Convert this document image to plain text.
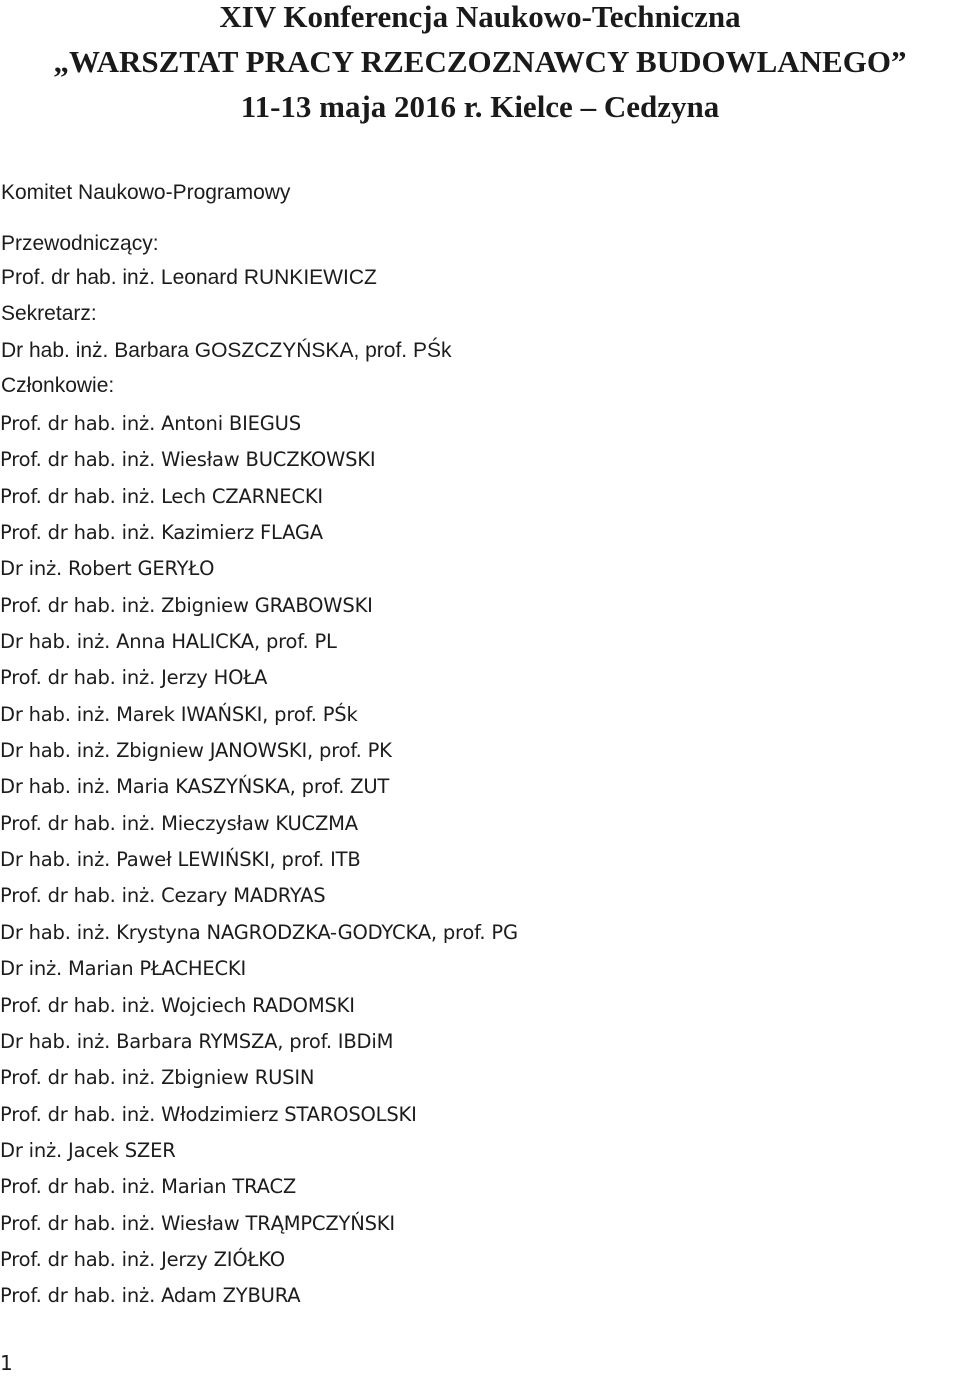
XIV Konferencja Naukowo-Techniczna
„WARSZTAT PRACY RZECZOZNAWCY BUDOWLANEGO”
11-13 maja 2016 r. Kielce – Cedzyna
Komitet Naukowo-Programowy
Przewodniczący:
Prof. dr hab. inż. Leonard RUNKIEWICZ
Sekretarz:
Dr hab. inż. Barbara GOSZCZYŃSKA, prof. PŚk
Członkowie:
Prof. dr hab. inż. Antoni BIEGUS
Prof. dr hab. inż. Wiesław BUCZKOWSKI
Prof. dr hab. inż. Lech CZARNECKI
Prof. dr hab. inż. Kazimierz FLAGA
Dr inż. Robert GERYŁO
Prof. dr hab. inż. Zbigniew GRABOWSKI
Dr hab. inż. Anna HALICKA, prof. PL
Prof. dr hab. inż. Jerzy HOŁA
Dr hab. inż. Marek IWAŃSKI, prof. PŚk
Dr hab. inż. Zbigniew JANOWSKI, prof. PK
Dr hab. inż. Maria KASZYŃSKA, prof. ZUT
Prof. dr hab. inż. Mieczysław KUCZMA
Dr hab. inż. Paweł LEWIŃSKI, prof. ITB
Prof. dr hab. inż. Cezary MADRYAS
Dr hab. inż. Krystyna NAGRODZKA-GODYCKA, prof. PG
Dr inż. Marian PŁACHECKI
Prof. dr hab. inż. Wojciech RADOMSKI
Dr hab. inż. Barbara RYMSZA, prof. IBDiM
Prof. dr hab. inż. Zbigniew RUSIN
Prof. dr hab. inż. Włodzimierz STAROSOLSKI
Dr inż. Jacek SZER
Prof. dr hab. inż. Marian TRACZ
Prof. dr hab. inż. Wiesław TRĄMPCZYŃSKI
Prof. dr hab. inż. Jerzy ZIÓŁKO
Prof. dr hab. inż. Adam ZYBURA
1
